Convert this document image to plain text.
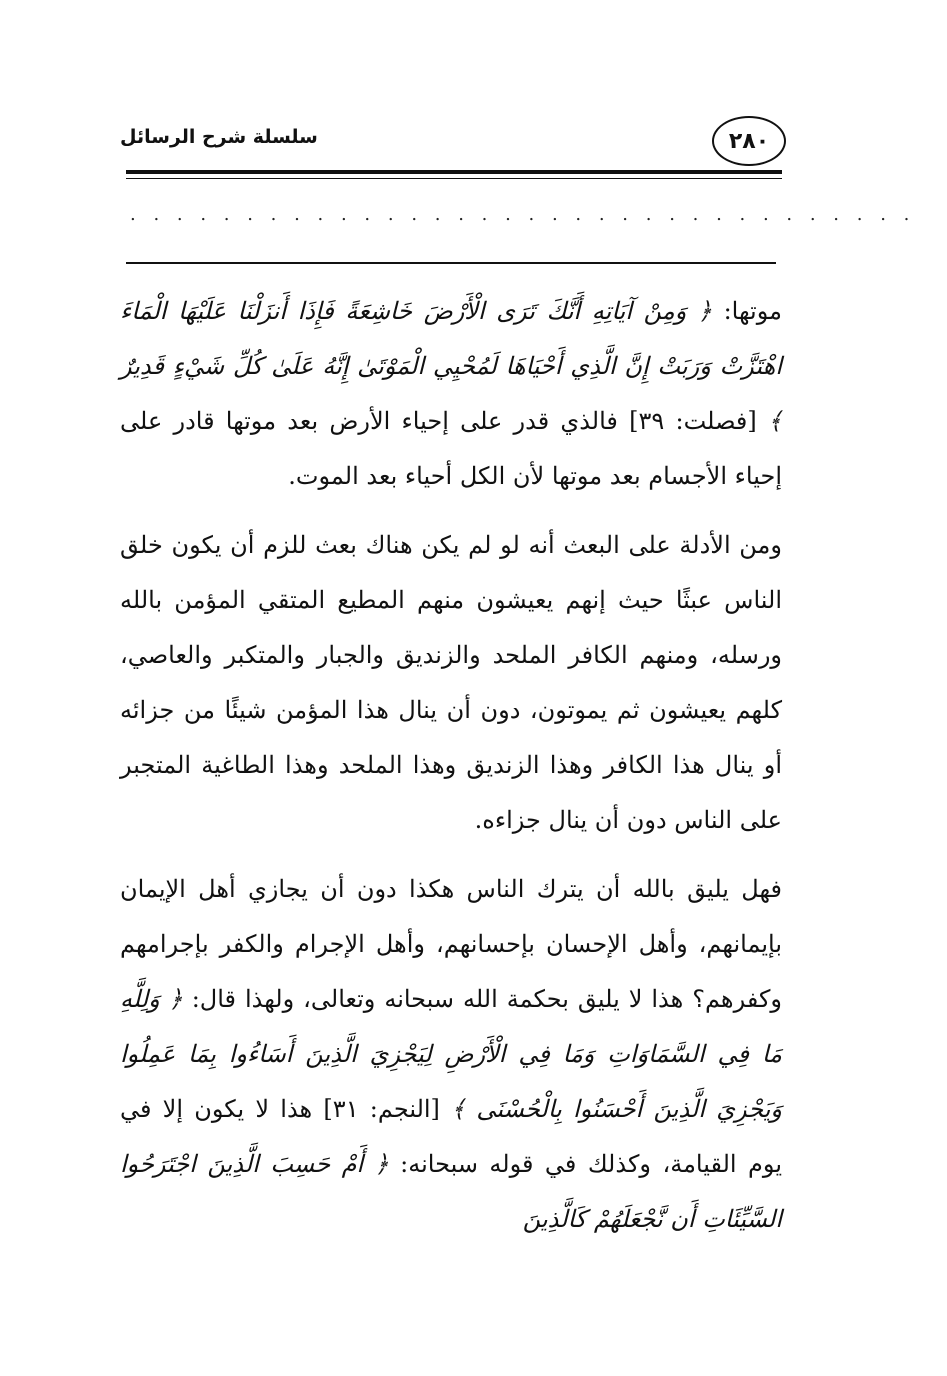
٢٨٠
سلسلة شرح الرسائل
. . . . . . . . . . . . . . . . . . . . . . . . . . . . . . . . . .

موتها: ﴿ وَمِنْ آيَاتِهِ أَنَّكَ تَرَى الْأَرْضَ خَاشِعَةً فَإِذَا أَنزَلْنَا عَلَيْهَا الْمَاءَ اهْتَزَّتْ وَرَبَتْ إِنَّ الَّذِي أَحْيَاهَا لَمُحْيِي الْمَوْتَىٰ إِنَّهُ عَلَىٰ كُلِّ شَيْءٍ قَدِيرٌ ﴾ [فصلت: ٣٩] فالذي قدر على إحياء الأرض بعد موتها قادر على إحياء الأجسام بعد موتها لأن الكل أحياء بعد الموت.

ومن الأدلة على البعث أنه لو لم يكن هناك بعث للزم أن يكون خلق الناس عبثًا حيث إنهم يعيشون منهم المطيع المتقي المؤمن بالله ورسله، ومنهم الكافر الملحد والزنديق والجبار والمتكبر والعاصي، كلهم يعيشون ثم يموتون، دون أن ينال هذا المؤمن شيئًا من جزائه أو ينال هذا الكافر وهذا الزنديق وهذا الملحد وهذا الطاغية المتجبر على الناس دون أن ينال جزاءه.

فهل يليق بالله أن يترك الناس هكذا دون أن يجازي أهل الإيمان بإيمانهم، وأهل الإحسان بإحسانهم، وأهل الإجرام والكفر بإجرامهم وكفرهم؟ هذا لا يليق بحكمة الله سبحانه وتعالى، ولهذا قال: ﴿ وَلِلَّهِ مَا فِي السَّمَاوَاتِ وَمَا فِي الْأَرْضِ لِيَجْزِيَ الَّذِينَ أَسَاءُوا بِمَا عَمِلُوا وَيَجْزِيَ الَّذِينَ أَحْسَنُوا بِالْحُسْنَى ﴾ [النجم: ٣١] هذا لا يكون إلا في يوم القيامة، وكذلك في قوله سبحانه: ﴿ أَمْ حَسِبَ الَّذِينَ اجْتَرَحُوا السَّيِّئَاتِ أَن نَّجْعَلَهُمْ كَالَّذِينَ
